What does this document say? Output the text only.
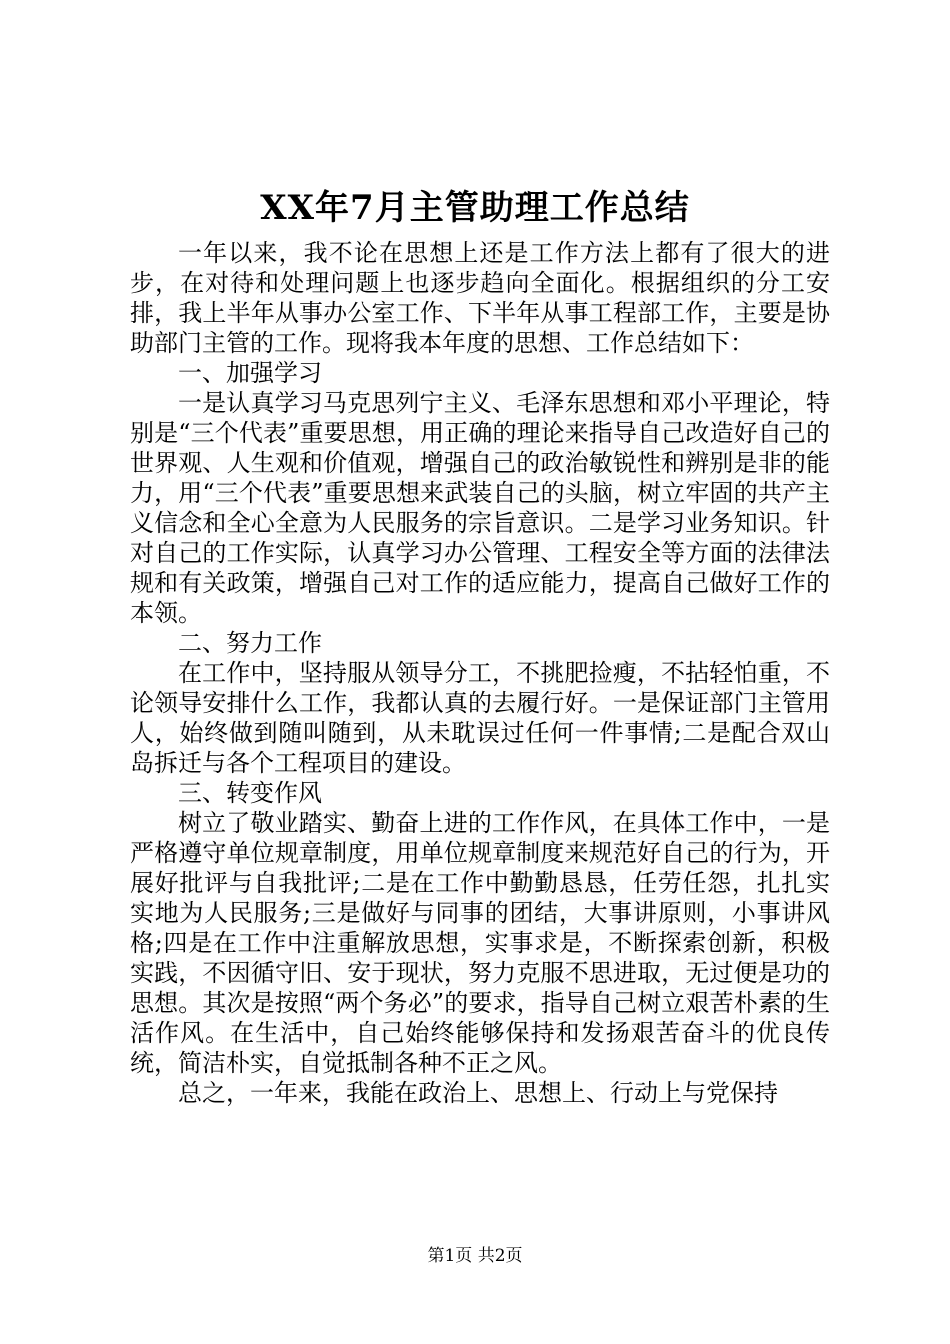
XX年7月主管助理工作总结

一年以来，我不论在思想上还是工作方法上都有了很大的进步，在对待和处理问题上也逐步趋向全面化。根据组织的分工安排，我上半年从事办公室工作、下半年从事工程部工作，主要是协助部门主管的工作。现将我本年度的思想、工作总结如下：

一、加强学习

一是认真学习马克思列宁主义、毛泽东思想和邓小平理论，特别是“三个代表”重要思想，用正确的理论来指导自己改造好自己的世界观、人生观和价值观，增强自己的政治敏锐性和辨别是非的能力，用“三个代表”重要思想来武装自己的头脑，树立牢固的共产主义信念和全心全意为人民服务的宗旨意识。二是学习业务知识。针对自己的工作实际，认真学习办公管理、工程安全等方面的法律法规和有关政策，增强自己对工作的适应能力，提高自己做好工作的本领。

二、努力工作

在工作中，坚持服从领导分工，不挑肥捡瘦，不拈轻怕重，不论领导安排什么工作，我都认真的去履行好。一是保证部门主管用人，始终做到随叫随到，从未耽误过任何一件事情;二是配合双山岛拆迁与各个工程项目的建设。

三、转变作风

树立了敬业踏实、勤奋上进的工作作风，在具体工作中，一是严格遵守单位规章制度，用单位规章制度来规范好自己的行为，开展好批评与自我批评;二是在工作中勤勤恳恳，任劳任怨，扎扎实实地为人民服务;三是做好与同事的团结，大事讲原则，小事讲风格;四是在工作中注重解放思想，实事求是，不断探索创新，积极实践，不因循守旧、安于现状，努力克服不思进取，无过便是功的思想。其次是按照“两个务必”的要求，指导自己树立艰苦朴素的生活作风。在生活中，自己始终能够保持和发扬艰苦奋斗的优良传统，简洁朴实，自觉抵制各种不正之风。

总之，一年来，我能在政治上、思想上、行动上与党保持

第1页 共2页
